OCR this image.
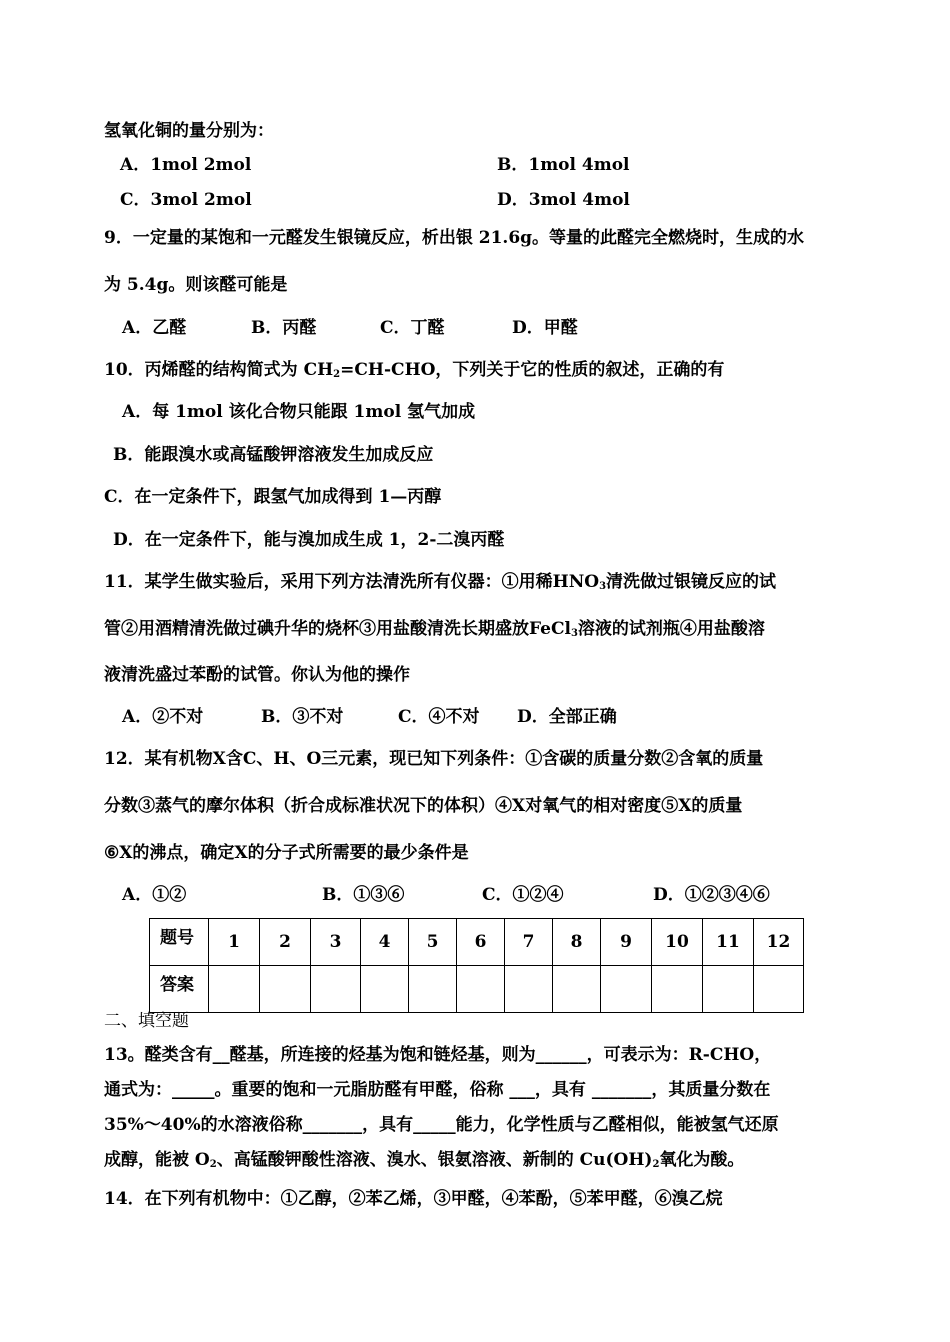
氢氧化铜的量分别为：
A．1mol 2mol	B．1mol 4mol
C．3mol 2mol	D．3mol 4mol
9．一定量的某饱和一元醛发生银镜反应，析出银 21.6g。等量的此醛完全燃烧时，生成的水
为 5.4g。则该醛可能是
A．乙醛	B．丙醛	C．丁醛	D．甲醛
10．丙烯醛的结构简式为 $CH_2=CH$-CHO，下列关于它的性质的叙述，正确的有
A．每 1mol 该化合物只能跟 1mol 氢气加成
B．能跟溴水或高锰酸钾溶液发生加成反应
C．在一定条件下，跟氢气加成得到 1—丙醇
D．在一定条件下，能与溴加成生成 1，2-二溴丙醛
11．某学生做实验后，采用下列方法清洗所有仪器：①用稀$HNO_3$清洗做过银镜反应的试
管②用酒精清洗做过碘升华的烧杯③用盐酸清洗长期盛放FeCl$_3$溶液的试剂瓶④用盐酸溶
液清洗盛过苯酚的试管。你认为他的操作
A．②不对	B．③不对	C．④不对 D．全部正确
12．某有机物X含C、H、O三元素，现已知下列条件：①含碳的质量分数②含氧的质量
分数③蒸气的摩尔体积（折合成标准状况下的体积）④X对氧气的相对密度⑤X的质量
⑥X的沸点，确定X的分子式所需要的最少条件是
A．①②	B．①③⑥	C．①②④	D．①②③④⑥
题号	1	2	3	4	5	6	7	8	9	10	11	12
答案												
二、填空题
13。醛类含有__醛基，所连接的烃基为饱和链烃基，则为______，可表示为：R-CHO，
通式为：_____。重要的饱和一元脂肪醛有甲醛，俗称 ___，具有 _______，其质量分数在
35%～40%的水溶液俗称_______，具有_____能力，化学性质与乙醛相似，能被氢气还原
成醇，能被 $O_2$、高锰酸钾酸性溶液、溴水、银氨溶液、新制的 $Cu(OH)_2$氧化为酸。
14．在下列有机物中：①乙醇，②苯乙烯，③甲醛，④苯酚，⑤苯甲醛，⑥溴乙烷
